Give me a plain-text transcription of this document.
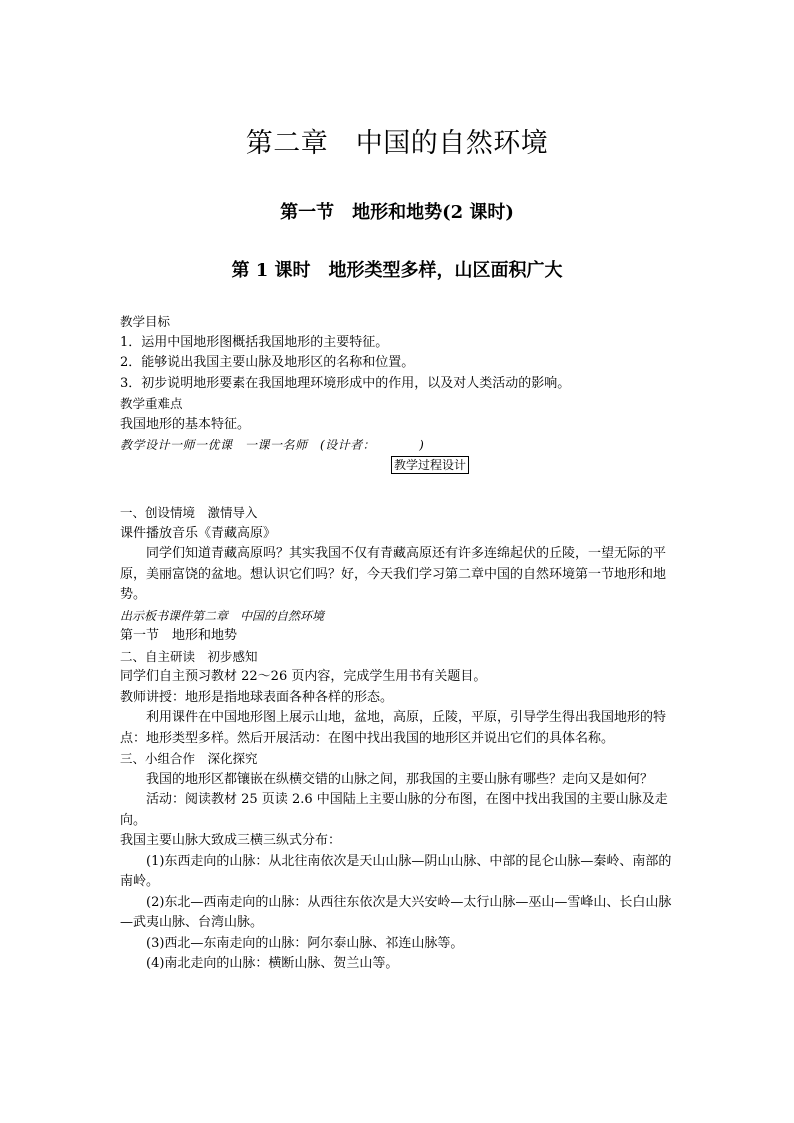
第二章　中国的自然环境
第一节　地形和地势(2 课时)
第 1 课时　地形类型多样，山区面积广大

教学目标

1．运用中国地形图概括我国地形的主要特征。

2．能够说出我国主要山脉及地形区的名称和位置。

3．初步说明地形要素在我国地理环境形成中的作用，以及对人类活动的影响。

教学重难点

我国地形的基本特征。

教学设计一师一优课　一课一名师　(设计者：　　　　)

教学过程设计

一、创设情境　激情导入

课件播放音乐《青藏高原》

同学们知道青藏高原吗？其实我国不仅有青藏高原还有许多连绵起伏的丘陵，一望无际的平原，美丽富饶的盆地。想认识它们吗？好，今天我们学习第二章中国的自然环境第一节地形和地势。

出示板书课件第二章　中国的自然环境

第一节　地形和地势

二、自主研读　初步感知

同学们自主预习教材 22～26 页内容，完成学生用书有关题目。

教师讲授：地形是指地球表面各种各样的形态。

利用课件在中国地形图上展示山地，盆地，高原，丘陵，平原，引导学生得出我国地形的特点：地形类型多样。然后开展活动：在图中找出我国的地形区并说出它们的具体名称。

三、小组合作　深化探究

我国的地形区都镶嵌在纵横交错的山脉之间，那我国的主要山脉有哪些？走向又是如何？

活动：阅读教材 25 页读 2.6 中国陆上主要山脉的分布图，在图中找出我国的主要山脉及走向。

我国主要山脉大致成三横三纵式分布：

(1)东西走向的山脉：从北往南依次是天山山脉—阴山山脉、中部的昆仑山脉—秦岭、南部的南岭。

(2)东北—西南走向的山脉：从西往东依次是大兴安岭—太行山脉—巫山—雪峰山、长白山脉—武夷山脉、台湾山脉。

(3)西北—东南走向的山脉：阿尔泰山脉、祁连山脉等。

(4)南北走向的山脉：横断山脉、贺兰山等。
